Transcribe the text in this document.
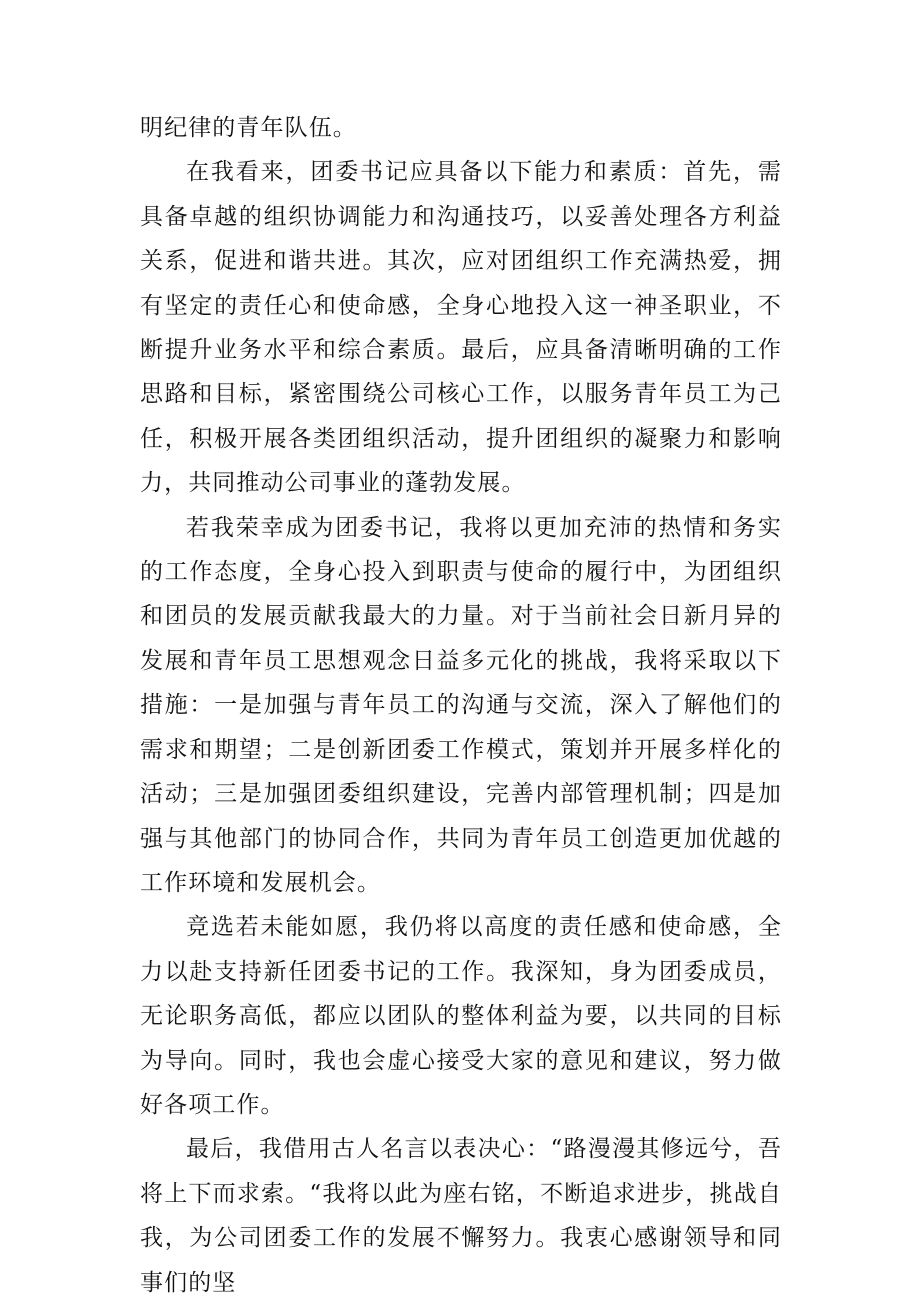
明纪律的青年队伍。

在我看来，团委书记应具备以下能力和素质：首先，需具备卓越的组织协调能力和沟通技巧，以妥善处理各方利益关系，促进和谐共进。其次，应对团组织工作充满热爱，拥有坚定的责任心和使命感，全身心地投入这一神圣职业，不断提升业务水平和综合素质。最后，应具备清晰明确的工作思路和目标，紧密围绕公司核心工作，以服务青年员工为己任，积极开展各类团组织活动，提升团组织的凝聚力和影响力，共同推动公司事业的蓬勃发展。

若我荣幸成为团委书记，我将以更加充沛的热情和务实的工作态度，全身心投入到职责与使命的履行中，为团组织和团员的发展贡献我最大的力量。对于当前社会日新月异的发展和青年员工思想观念日益多元化的挑战，我将采取以下措施：一是加强与青年员工的沟通与交流，深入了解他们的需求和期望；二是创新团委工作模式，策划并开展多样化的活动；三是加强团委组织建设，完善内部管理机制；四是加强与其他部门的协同合作，共同为青年员工创造更加优越的工作环境和发展机会。

竞选若未能如愿，我仍将以高度的责任感和使命感，全力以赴支持新任团委书记的工作。我深知，身为团委成员，无论职务高低，都应以团队的整体利益为要，以共同的目标为导向。同时，我也会虚心接受大家的意见和建议，努力做好各项工作。

最后，我借用古人名言以表决心：“路漫漫其修远兮，吾将上下而求索。“我将以此为座右铭，不断追求进步，挑战自我，为公司团委工作的发展不懈努力。我衷心感谢领导和同事们的坚
